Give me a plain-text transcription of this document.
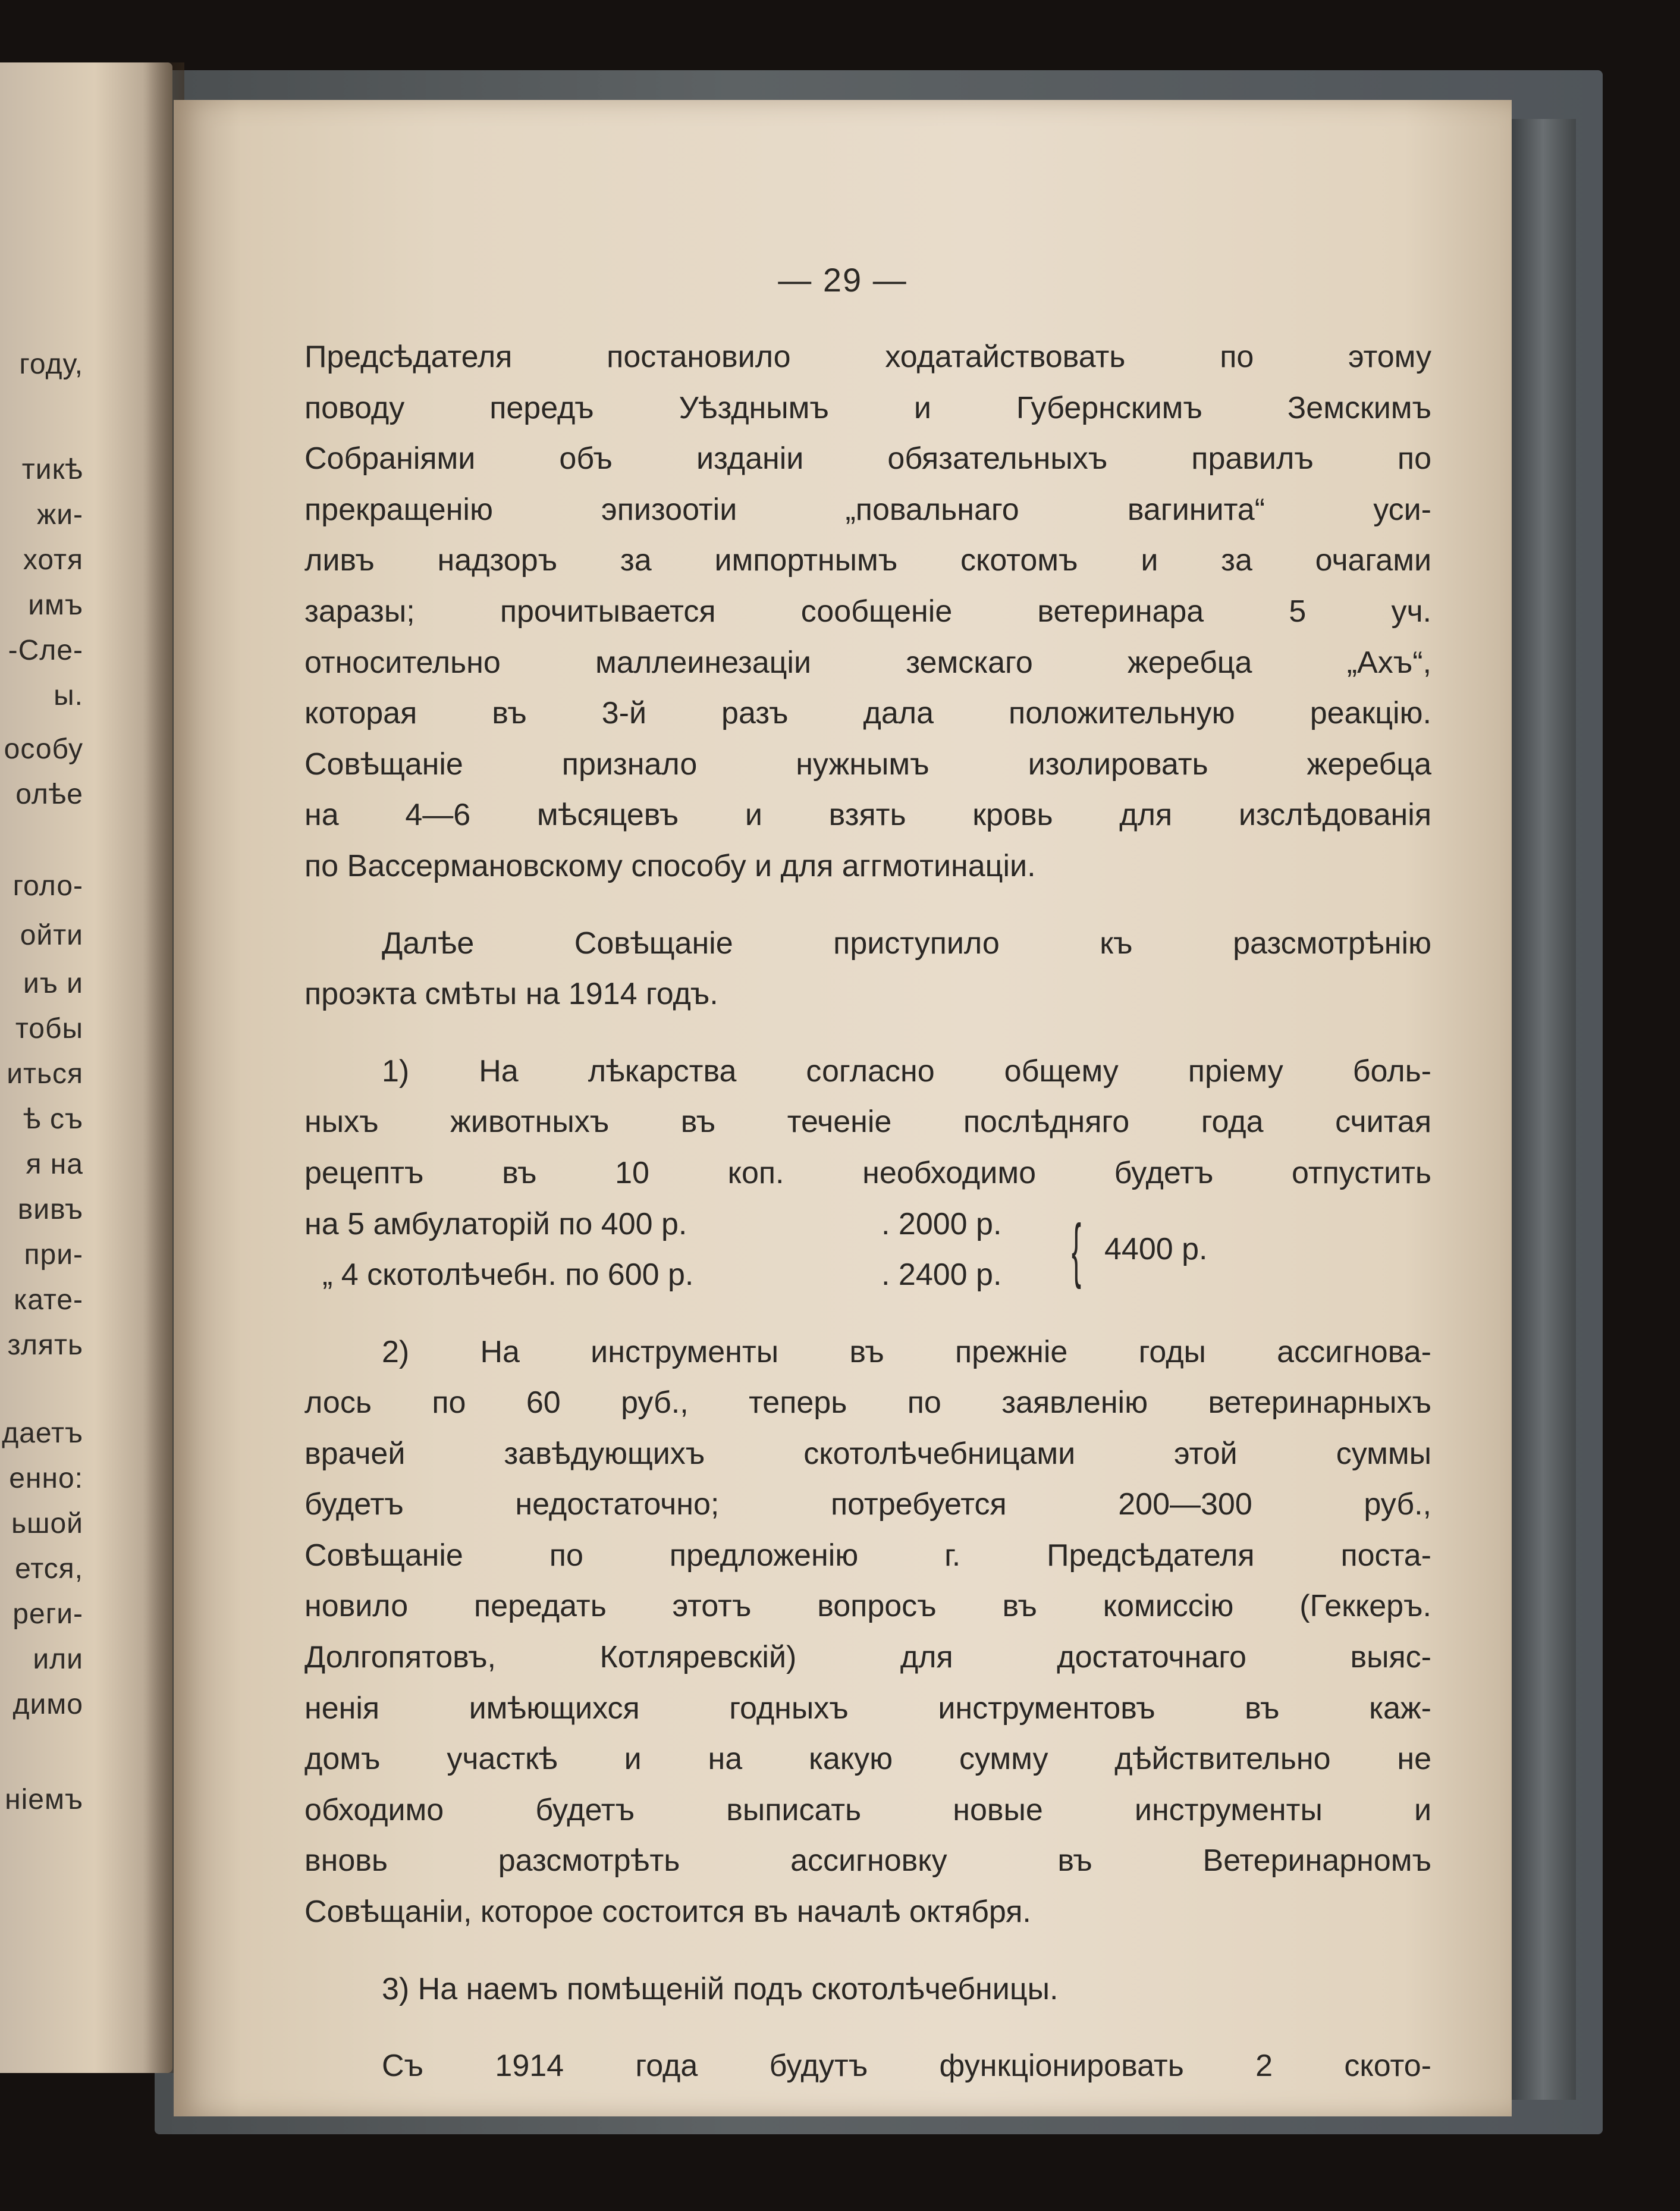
году,
тикѣ
жи-
хотя
имъ
-Сле-
ы.
особу
олѣе
голо-
ойти
иъ и
тобы
иться
ѣ съ
я на
вивъ
при-
кате-
злять
дaетъ
енно:
ьшой
ется,
реги-
или
димо
ніемъ
— 29 —
Предсѣдателя постановило ходатайствовать по этому
поводу передъ Уѣзднымъ и Губернскимъ Земскимъ
Собраніями объ изданіи обязательныхъ правилъ по
прекращенію эпизоотіи „повальнаго вагинита“ уси-
ливъ надзоръ за импортнымъ скотомъ и за очагами
заразы; прочитывается сообщеніе ветеринара 5 уч.
относительно маллеинезаціи земскаго жеребца „Ахъ“,
которая въ 3-й разъ дала положительную реакцію.
Совѣщаніе признало нужнымъ изолировать жеребца
на 4—6 мѣсяцевъ и взять кровь для изслѣдованія
по Вассермановскому способу и для аггмотинаціи.
Далѣе Совѣщаніе приступило къ разсмотрѣнію
проэкта смѣты на 1914 годъ.
1) На лѣкарства согласно общему пріему боль-
ныхъ животныхъ въ теченіе послѣдняго года считая
рецептъ въ 10 коп. необходимо будетъ отпустить
на 5 амбулаторій по 400 р.	. 2000 р.
„ 4 скотолѣчебн. по 600 р.	. 2400 р. { 4400 р.
2) На инструменты въ прежніе годы ассигнова-
лось по 60 руб., теперь по заявленію ветеринарныхъ
врачей завѣдующихъ скотолѣчебницами этой суммы
будетъ недостаточно; потребуется 200—300 руб.,
Совѣщаніе по предложенію г. Предсѣдателя поста-
новило передать этотъ вопросъ въ комиссію (Геккеръ.
Долгопятовъ, Котляревскій) для достаточнаго выяс-
ненія имѣющихся годныхъ инструментовъ въ каж-
домъ участкѣ и на какую сумму дѣйствительно не
обходимо будетъ выписать новые инструменты и
вновь разсмотрѣть ассигновку въ Ветеринарномъ
Совѣщаніи, которое состоится въ началѣ октября.
3) На наемъ помѣщеній подъ скотолѣчебницы.
Съ 1914 года будутъ функціонировать 2 ското-
